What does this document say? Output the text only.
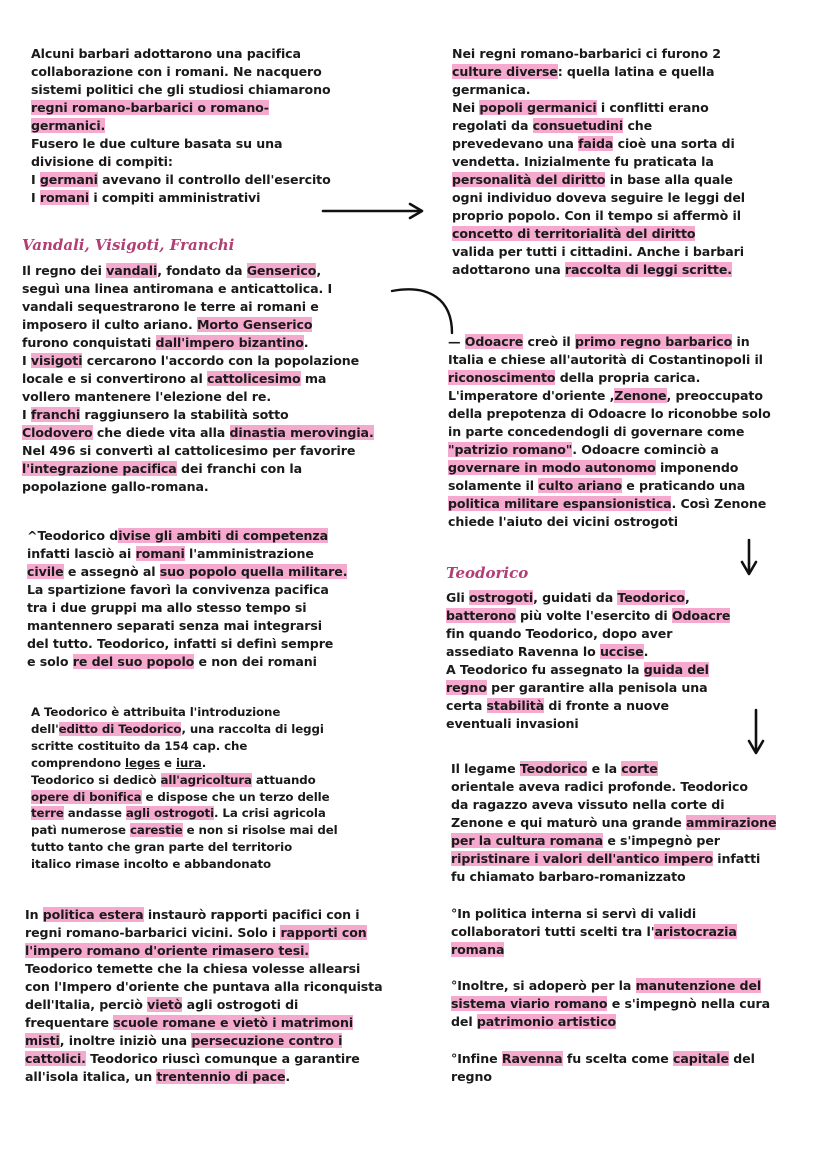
Alcuni barbari adottarono una pacifica
collaborazione con i romani. Ne nacquero
sistemi politici che gli studiosi chiamarono
regni romano-barbarici o romano-
germanici.
Fusero le due culture basata su una
divisione di compiti:
I germani avevano il controllo dell'esercito
I romani i compiti amministrativi
Nei regni romano-barbarici ci furono 2
culture diverse: quella latina e quella
germanica.
Nei popoli germanici i conflitti erano
regolati da consuetudini che
prevedevano una faida cioè una sorta di
vendetta. Inizialmente fu praticata la
personalità del diritto in base alla quale
ogni individuo doveva seguire le leggi del
proprio popolo. Con il tempo si affermò il
concetto di territorialità del diritto
valida per tutti i cittadini. Anche i barbari
adottarono una raccolta di leggi scritte.
Vandali, Visigoti, Franchi
Il regno dei vandali, fondato da Genserico,
seguì una linea antiromana e anticattolica. I
vandali sequestrarono le terre ai romani e
imposero il culto ariano. Morto Genserico
furono conquistati dall'impero bizantino.
I visigoti cercarono l'accordo con la popolazione
locale e si convertirono al cattolicesimo ma
vollero mantenere l'elezione del re.
I franchi raggiunsero la stabilità sotto
Clodovero che diede vita alla dinastia merovingia.
Nel 496 si convertì al cattolicesimo per favorire
l'integrazione pacifica dei franchi con la
popolazione gallo-romana.
— Odoacre creò il primo regno barbarico in
Italia e chiese all'autorità di Costantinopoli il
riconoscimento della propria carica.
L'imperatore d'oriente ,Zenone, preoccupato
della prepotenza di Odoacre lo riconobbe solo
in parte concedendogli di governare come
"patrizio romano". Odoacre cominciò a
governare in modo autonomo imponendo
solamente il culto ariano e praticando una
politica militare espansionistica. Così Zenone
chiede l'aiuto dei vicini ostrogoti
^Teodorico divise gli ambiti di competenza
infatti lasciò ai romani l'amministrazione
civile e assegnò al suo popolo quella militare.
La spartizione favorì la convivenza pacifica
tra i due gruppi ma allo stesso tempo si
mantennero separati senza mai integrarsi
del tutto. Teodorico, infatti si definì sempre
e solo re del suo popolo e non dei romani
Teodorico
Gli ostrogoti, guidati da Teodorico,
batterono più volte l'esercito di Odoacre
fin quando Teodorico, dopo aver
assediato Ravenna lo uccise.
A Teodorico fu assegnato la guida del
regno per garantire alla penisola una
certa stabilità di fronte a nuove
eventuali invasioni
A Teodorico è attribuita l'introduzione
dell'editto di Teodorico, una raccolta di leggi
scritte costituito da 154 cap. che
comprendono leges e iura.
Teodorico si dedicò all'agricoltura attuando
opere di bonifica e dispose che un terzo delle
terre andasse agli ostrogoti. La crisi agricola
patì numerose carestie e non si risolse mai del
tutto tanto che gran parte del territorio
italico rimase incolto e abbandonato
Il legame Teodorico e la corte
orientale aveva radici profonde. Teodorico
da ragazzo aveva vissuto nella corte di
Zenone e qui maturò una grande ammirazione
per la cultura romana e s'impegnò per
ripristinare i valori dell'antico impero infatti
fu chiamato barbaro-romanizzato
In politica estera instaurò rapporti pacifici con i
regni romano-barbarici vicini. Solo i rapporti con
l'impero romano d'oriente rimasero tesi.
Teodorico temette che la chiesa volesse allearsi
con l'Impero d'oriente che puntava alla riconquista
dell'Italia, perciò vietò agli ostrogoti di
frequentare scuole romane e vietò i matrimoni
misti, inoltre iniziò una persecuzione contro i
cattolici. Teodorico riuscì comunque a garantire
all'isola italica, un trentennio di pace.
°In politica interna si servì di validi
collaboratori tutti scelti tra l'aristocrazia
romana
°Inoltre, si adoperò per la manutenzione del
sistema viario romano e s'impegnò nella cura
del patrimonio artistico
°Infine Ravenna fu scelta come capitale del
regno
